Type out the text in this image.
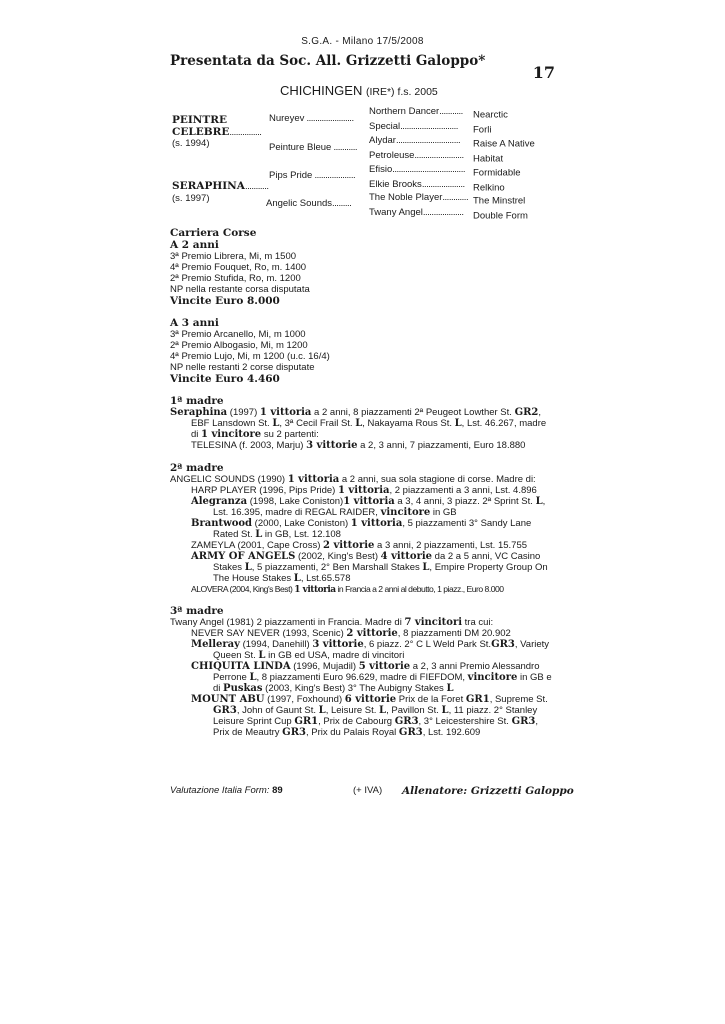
S.G.A. - Milano 17/5/2008
Presentata da Soc. All. Grizzetti Galoppo*
17
CHICHINGEN (IRE*) f.s. 2005
PEINTRE
CELEBRE...............
(s. 1994)
SERAPHINA...........
(s. 1997)
Nureyev ......................
Peinture Bleue ...........
Pips Pride ...................
Angelic Sounds.........
Northern Dancer........... Nearctic
Special........................... Forli
Alydar.............................. Raise A Native
Petroleuse....................... Habitat
Efisio.................................. Formidable
Elkie Brooks.................... Relkino
The Noble Player............ The Minstrel
Twany Angel................... Double Form
Carriera Corse
A 2 anni
3ª Premio Librera, Mi, m 1500
4ª Premio Fouquet, Ro, m. 1400
2ª Premio Stufida, Ro, m. 1200
NP nella restante corsa disputata
Vincite Euro 8.000
A 3 anni
3ª Premio Arcanello, Mi, m 1000
2ª Premio Albogasio, Mi, m 1200
4ª Premio Lujo, Mi, m 1200 (u.c. 16/4)
NP nelle restanti 2 corse disputate
Vincite Euro 4.460
1ª madre
Seraphina (1997) 1 vittoria a 2 anni, 8 piazzamenti 2ª Peugeot Lowther St. GR2, EBF Lansdown St. L, 3ª Cecil Frail St. L, Nakayama Rous St. L, Lst. 46.267, madre di 1 vincitore su 2 partenti:
TELESINA (f. 2003, Marju) 3 vittorie a 2, 3 anni, 7 piazzamenti, Euro 18.880
2ª madre
ANGELIC SOUNDS (1990) 1 vittoria a 2 anni, sua sola stagione di corse. Madre di:
HARP PLAYER (1996, Pips Pride) 1 vittoria, 2 piazzamenti a 3 anni, Lst. 4.896
Alegranza (1998, Lake Coniston)1 vittoria a 3, 4 anni, 3 piazz. 2ª Sprint St. L, Lst. 16.395, madre di REGAL RAIDER, vincitore in GB
Brantwood (2000, Lake Coniston) 1 vittoria, 5 piazzamenti 3° Sandy Lane Rated St. L in GB, Lst. 12.108
ZAMEYLA (2001, Cape Cross) 2 vittorie a 3 anni, 2 piazzamenti, Lst. 15.755
ARMY OF ANGELS (2002, King's Best) 4 vittorie da 2 a 5 anni, VC Casino Stakes L, 5 piazzamenti, 2° Ben Marshall Stakes L, Empire Property Group On The House Stakes L, Lst.65.578
ALOVERA (2004, King's Best) 1 vittoria in Francia a 2 anni al debutto, 1 piazz., Euro 8.000
3ª madre
Twany Angel (1981) 2 piazzamenti in Francia. Madre di 7 vincitori tra cui:
NEVER SAY NEVER (1993, Scenic) 2 vittorie, 8 piazzamenti DM 20.902
Melleray (1994, Danehill) 3 vittorie, 6 piazz. 2° C L Weld Park St.GR3, Variety Queen St. L in GB ed USA, madre di vincitori
CHIQUITA LINDA (1996, Mujadil) 5 vittorie a 2, 3 anni Premio Alessandro Perrone L, 8 piazzamenti Euro 96.629, madre di FIEFDOM, vincitore in GB e di Puskas (2003, King's Best) 3° The Aubigny Stakes L
MOUNT ABU (1997, Foxhound) 6 vittorie Prix de la Foret GR1, Supreme St. GR3, John of Gaunt St. L, Leisure St. L, Pavillon St. L, 11 piazz. 2° Stanley Leisure Sprint Cup GR1, Prix de Cabourg GR3, 3° Leicestershire St. GR3, Prix de Meautry GR3, Prix du Palais Royal GR3, Lst. 192.609
Valutazione Italia Form: 89	(+ IVA) Allenatore: Grizzetti Galoppo
